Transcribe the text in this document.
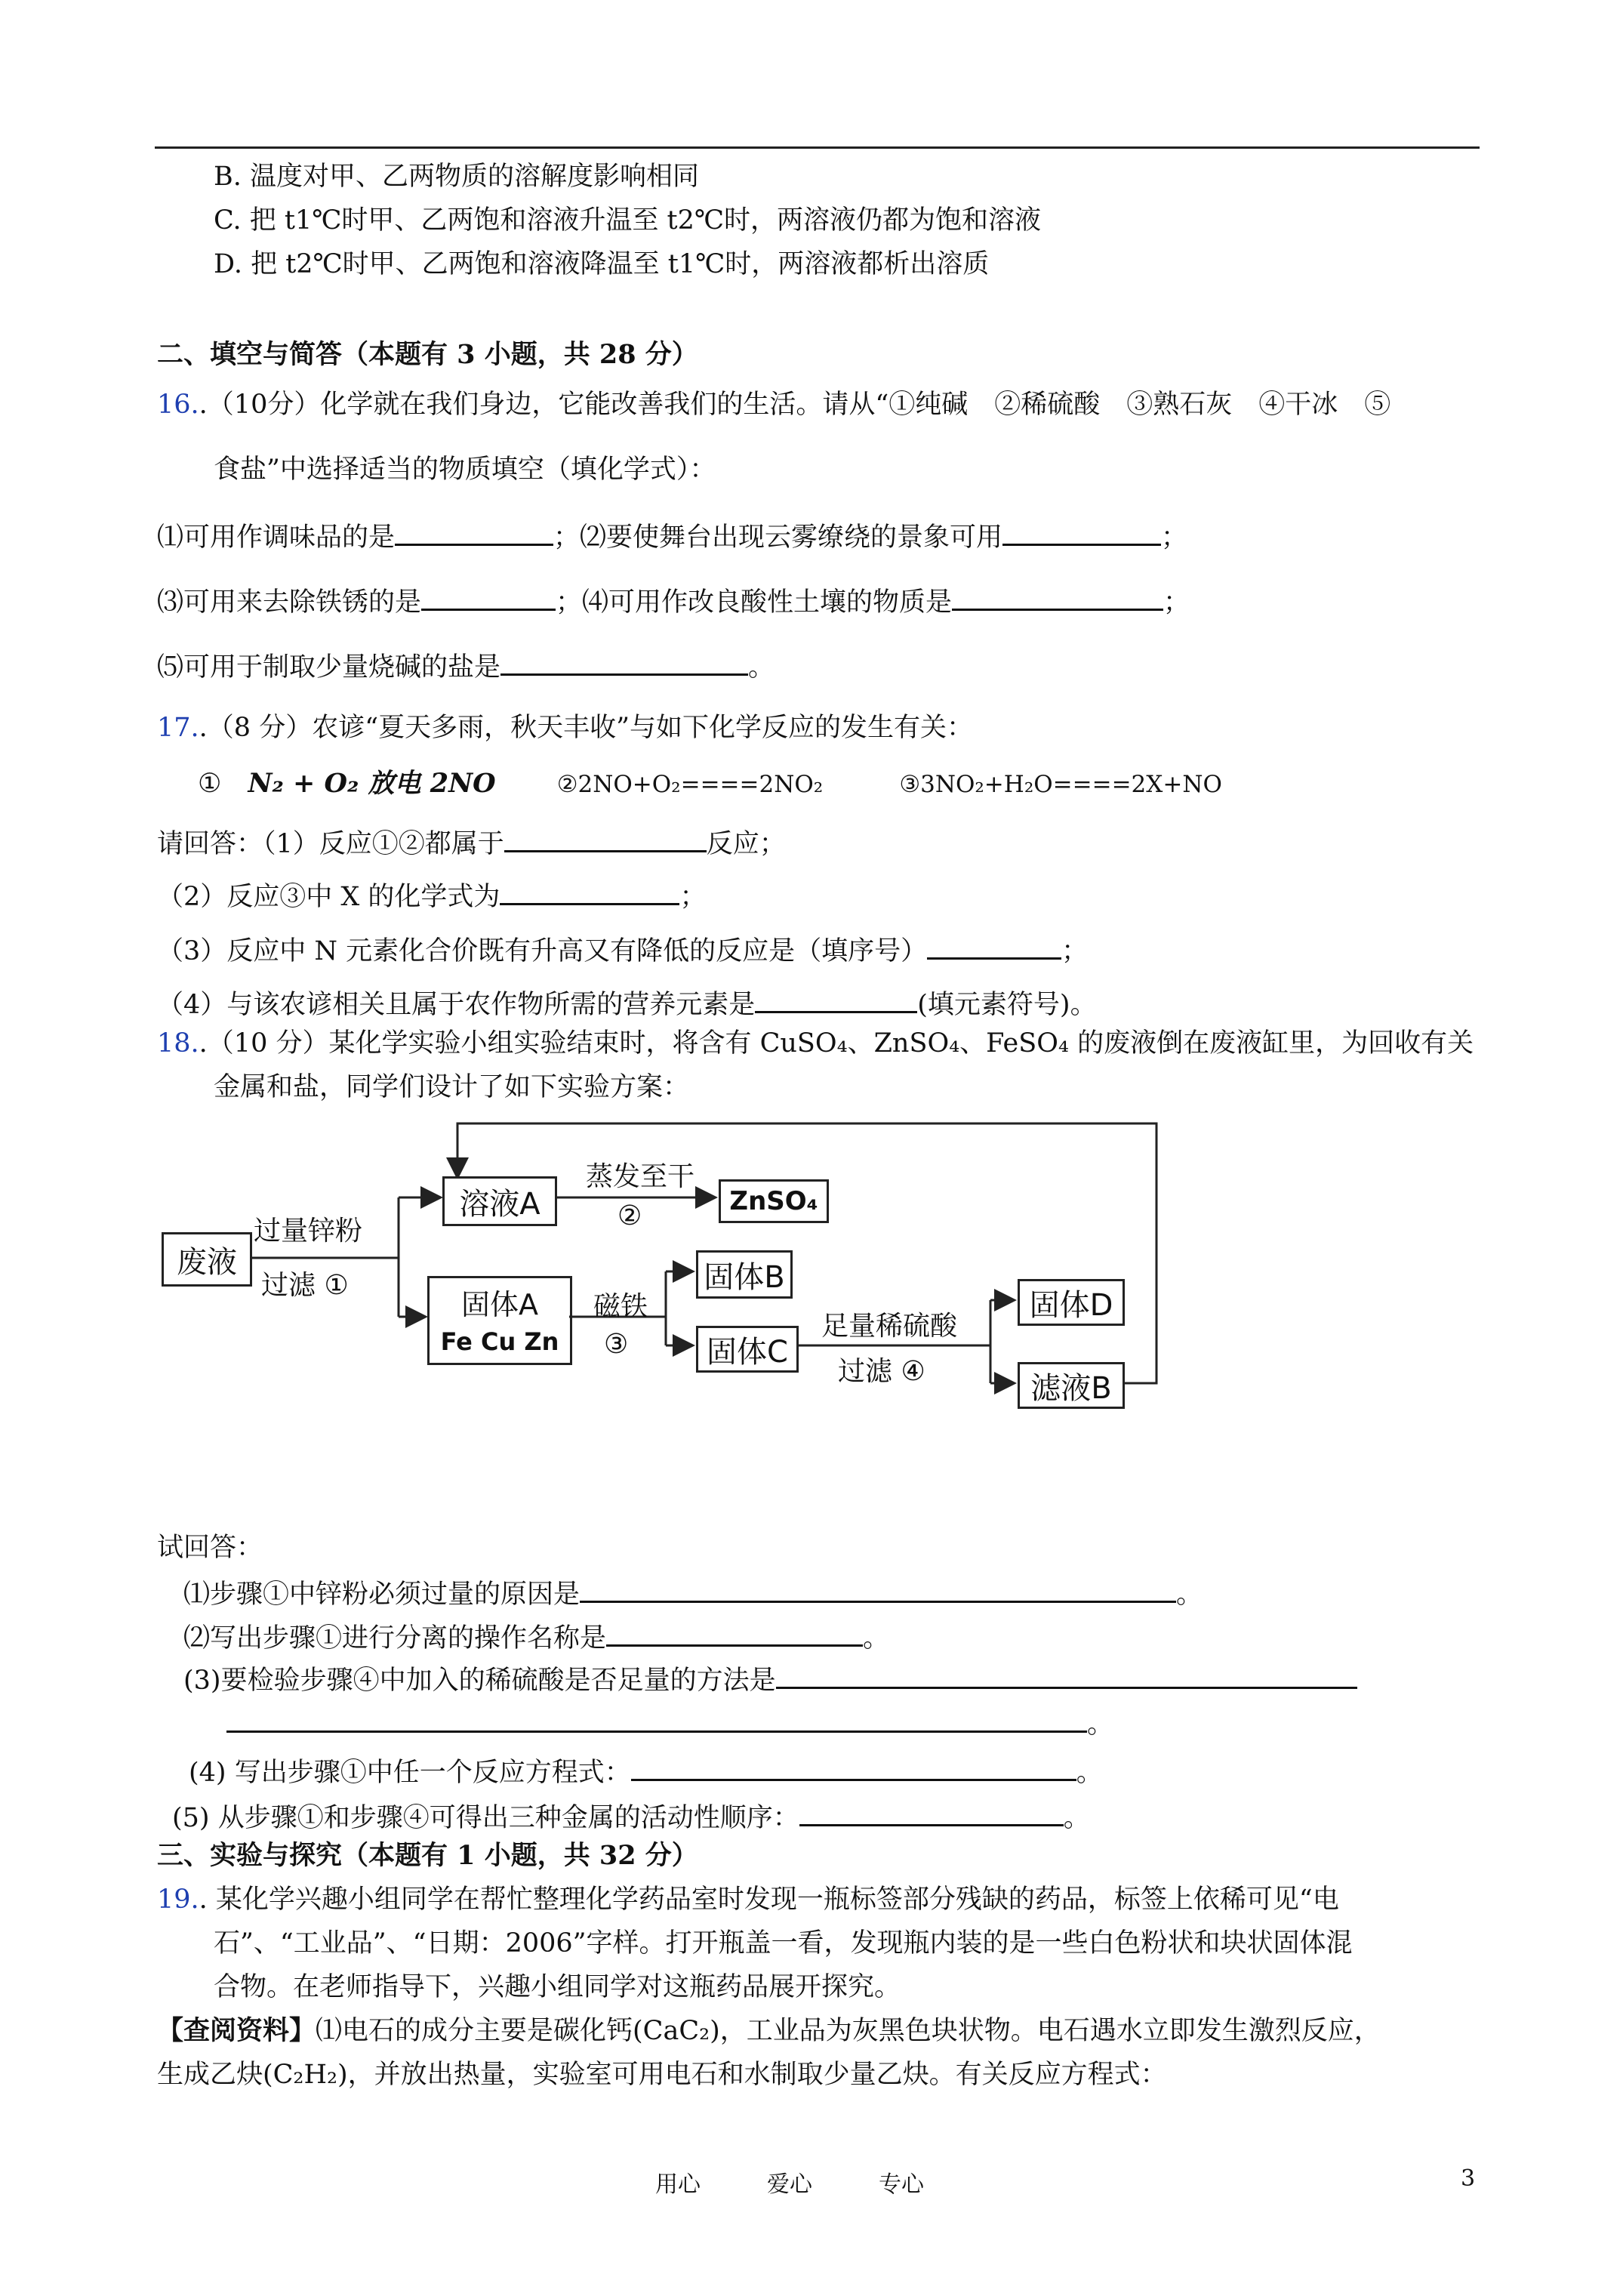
B. 温度对甲、乙两物质的溶解度影响相同
C. 把 t1℃时甲、乙两饱和溶液升温至 t2℃时，两溶液仍都为饱和溶液
D. 把 t2℃时甲、乙两饱和溶液降温至 t1℃时，两溶液都析出溶质
二、填空与简答（本题有 3 小题，共 28 分）
16..（10分）化学就在我们身边，它能改善我们的生活。请从“①纯碱　②稀硫酸　③熟石灰　④干冰　⑤
食盐”中选择适当的物质填空（填化学式）：
⑴可用作调味品的是	；⑵要使舞台出现云雾缭绕的景象可用	；
⑶可用来去除铁锈的是	；⑷可用作改良酸性土壤的物质是	；
⑸可用于制取少量烧碱的盐是	。
17..（8 分）农谚“夏天多雨，秋天丰收”与如下化学反应的发生有关：
① N₂ + O₂ 放电 2NO	②2NO+O₂====2NO₂	③3NO₂+H₂O====2X+NO
请回答：（1）反应①②都属于	反应；
（2）反应③中 X 的化学式为	；
（3）反应中 N 元素化合价既有升高又有降低的反应是（填序号）	；
（4）与该农谚相关且属于农作物所需的营养元素是	(填元素符号)。
18..（10 分）某化学实验小组实验结束时，将含有 CuSO₄、ZnSO₄、FeSO₄ 的废液倒在废液缸里，为回收有关
金属和盐，同学们设计了如下实验方案：
废液
过量锌粉
过滤 ①
溶液A
蒸发至干
②	ZnSO₄
固体A
Fe Cu Zn
磁铁
③
固体B
固体C
足量稀硫酸
过滤 ④
固体D
滤液B
试回答：
⑴步骤①中锌粉必须过量的原因是	。
⑵写出步骤①进行分离的操作名称是	。
(3)要检验步骤④中加入的稀硫酸是否足量的方法是
。
(4) 写出步骤①中任一个反应方程式：	。
(5) 从步骤①和步骤④可得出三种金属的活动性顺序：	。
三、实验与探究（本题有 1 小题，共 32 分）
19.. 某化学兴趣小组同学在帮忙整理化学药品室时发现一瓶标签部分残缺的药品，标签上依稀可见“电
石”、“工业品”、“日期：2006”字样。打开瓶盖一看，发现瓶内装的是一些白色粉状和块状固体混
合物。在老师指导下，兴趣小组同学对这瓶药品展开探究。
【查阅资料】⑴电石的成分主要是碳化钙(CaC₂)，工业品为灰黑色块状物。电石遇水立即发生激烈反应，
生成乙炔(C₂H₂)，并放出热量，实验室可用电石和水制取少量乙炔。有关反应方程式：
用心	爱心	专心	3
